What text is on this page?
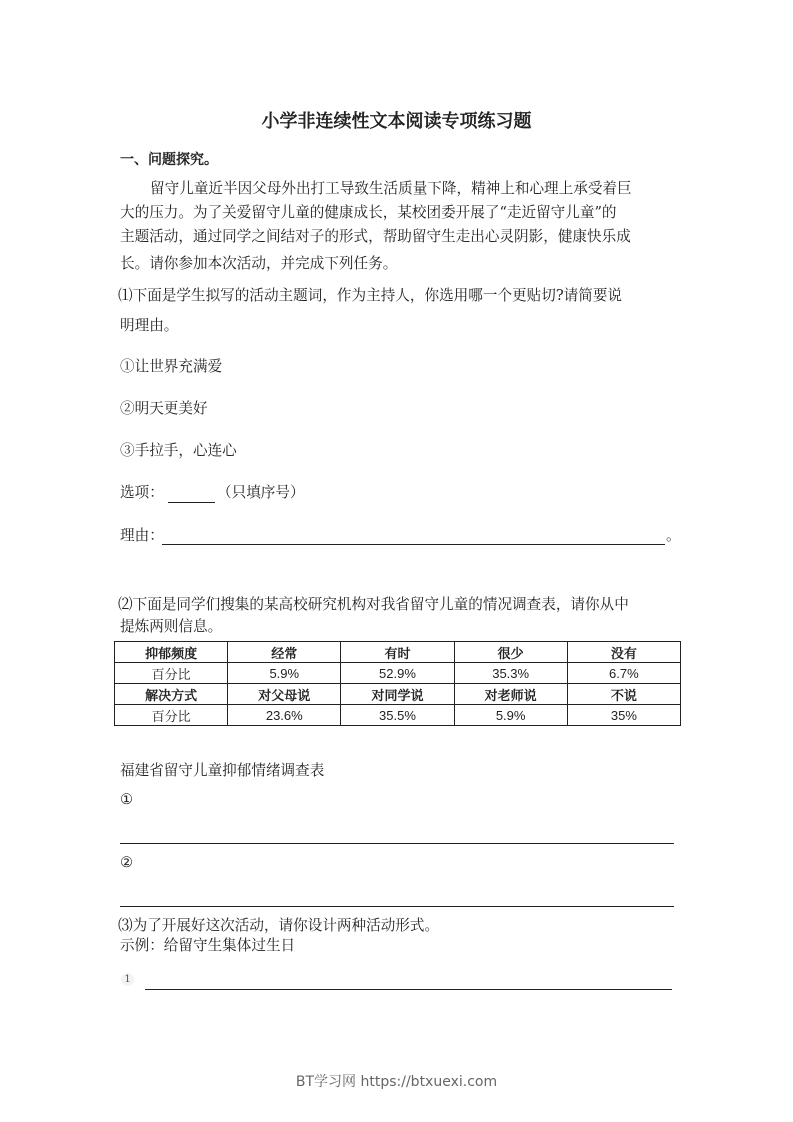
小学非连续性文本阅读专项练习题
一、问题探究。
留守儿童近半因父母外出打工导致生活质量下降，精神上和心理上承受着巨
大的压力。为了关爱留守儿童的健康成长，某校团委开展了“走近留守儿童”的
主题活动，通过同学之间结对子的形式，帮助留守生走出心灵阴影，健康快乐成
长。请你参加本次活动，并完成下列任务。
⑴下面是学生拟写的活动主题词，作为主持人，你选用哪一个更贴切?请简要说
明理由。
①让世界充满爱
②明天更美好
③手拉手，心连心
选项：	（只填序号）
理由：	。
⑵下面是同学们搜集的某高校研究机构对我省留守儿童的情况调查表，请你从中
提炼两则信息。
抑郁频度	经常	有时	很少	没有
百分比	5.9%	52.9%	35.3%	6.7%
解决方式	对父母说	对同学说	对老师说	不说
百分比	23.6%	35.5%	5.9%	35%
福建省留守儿童抑郁情绪调查表
①
②
⑶为了开展好这次活动，请你设计两种活动形式。
示例：给留守生集体过生日
1
BT学习网 https://btxuexi.com
